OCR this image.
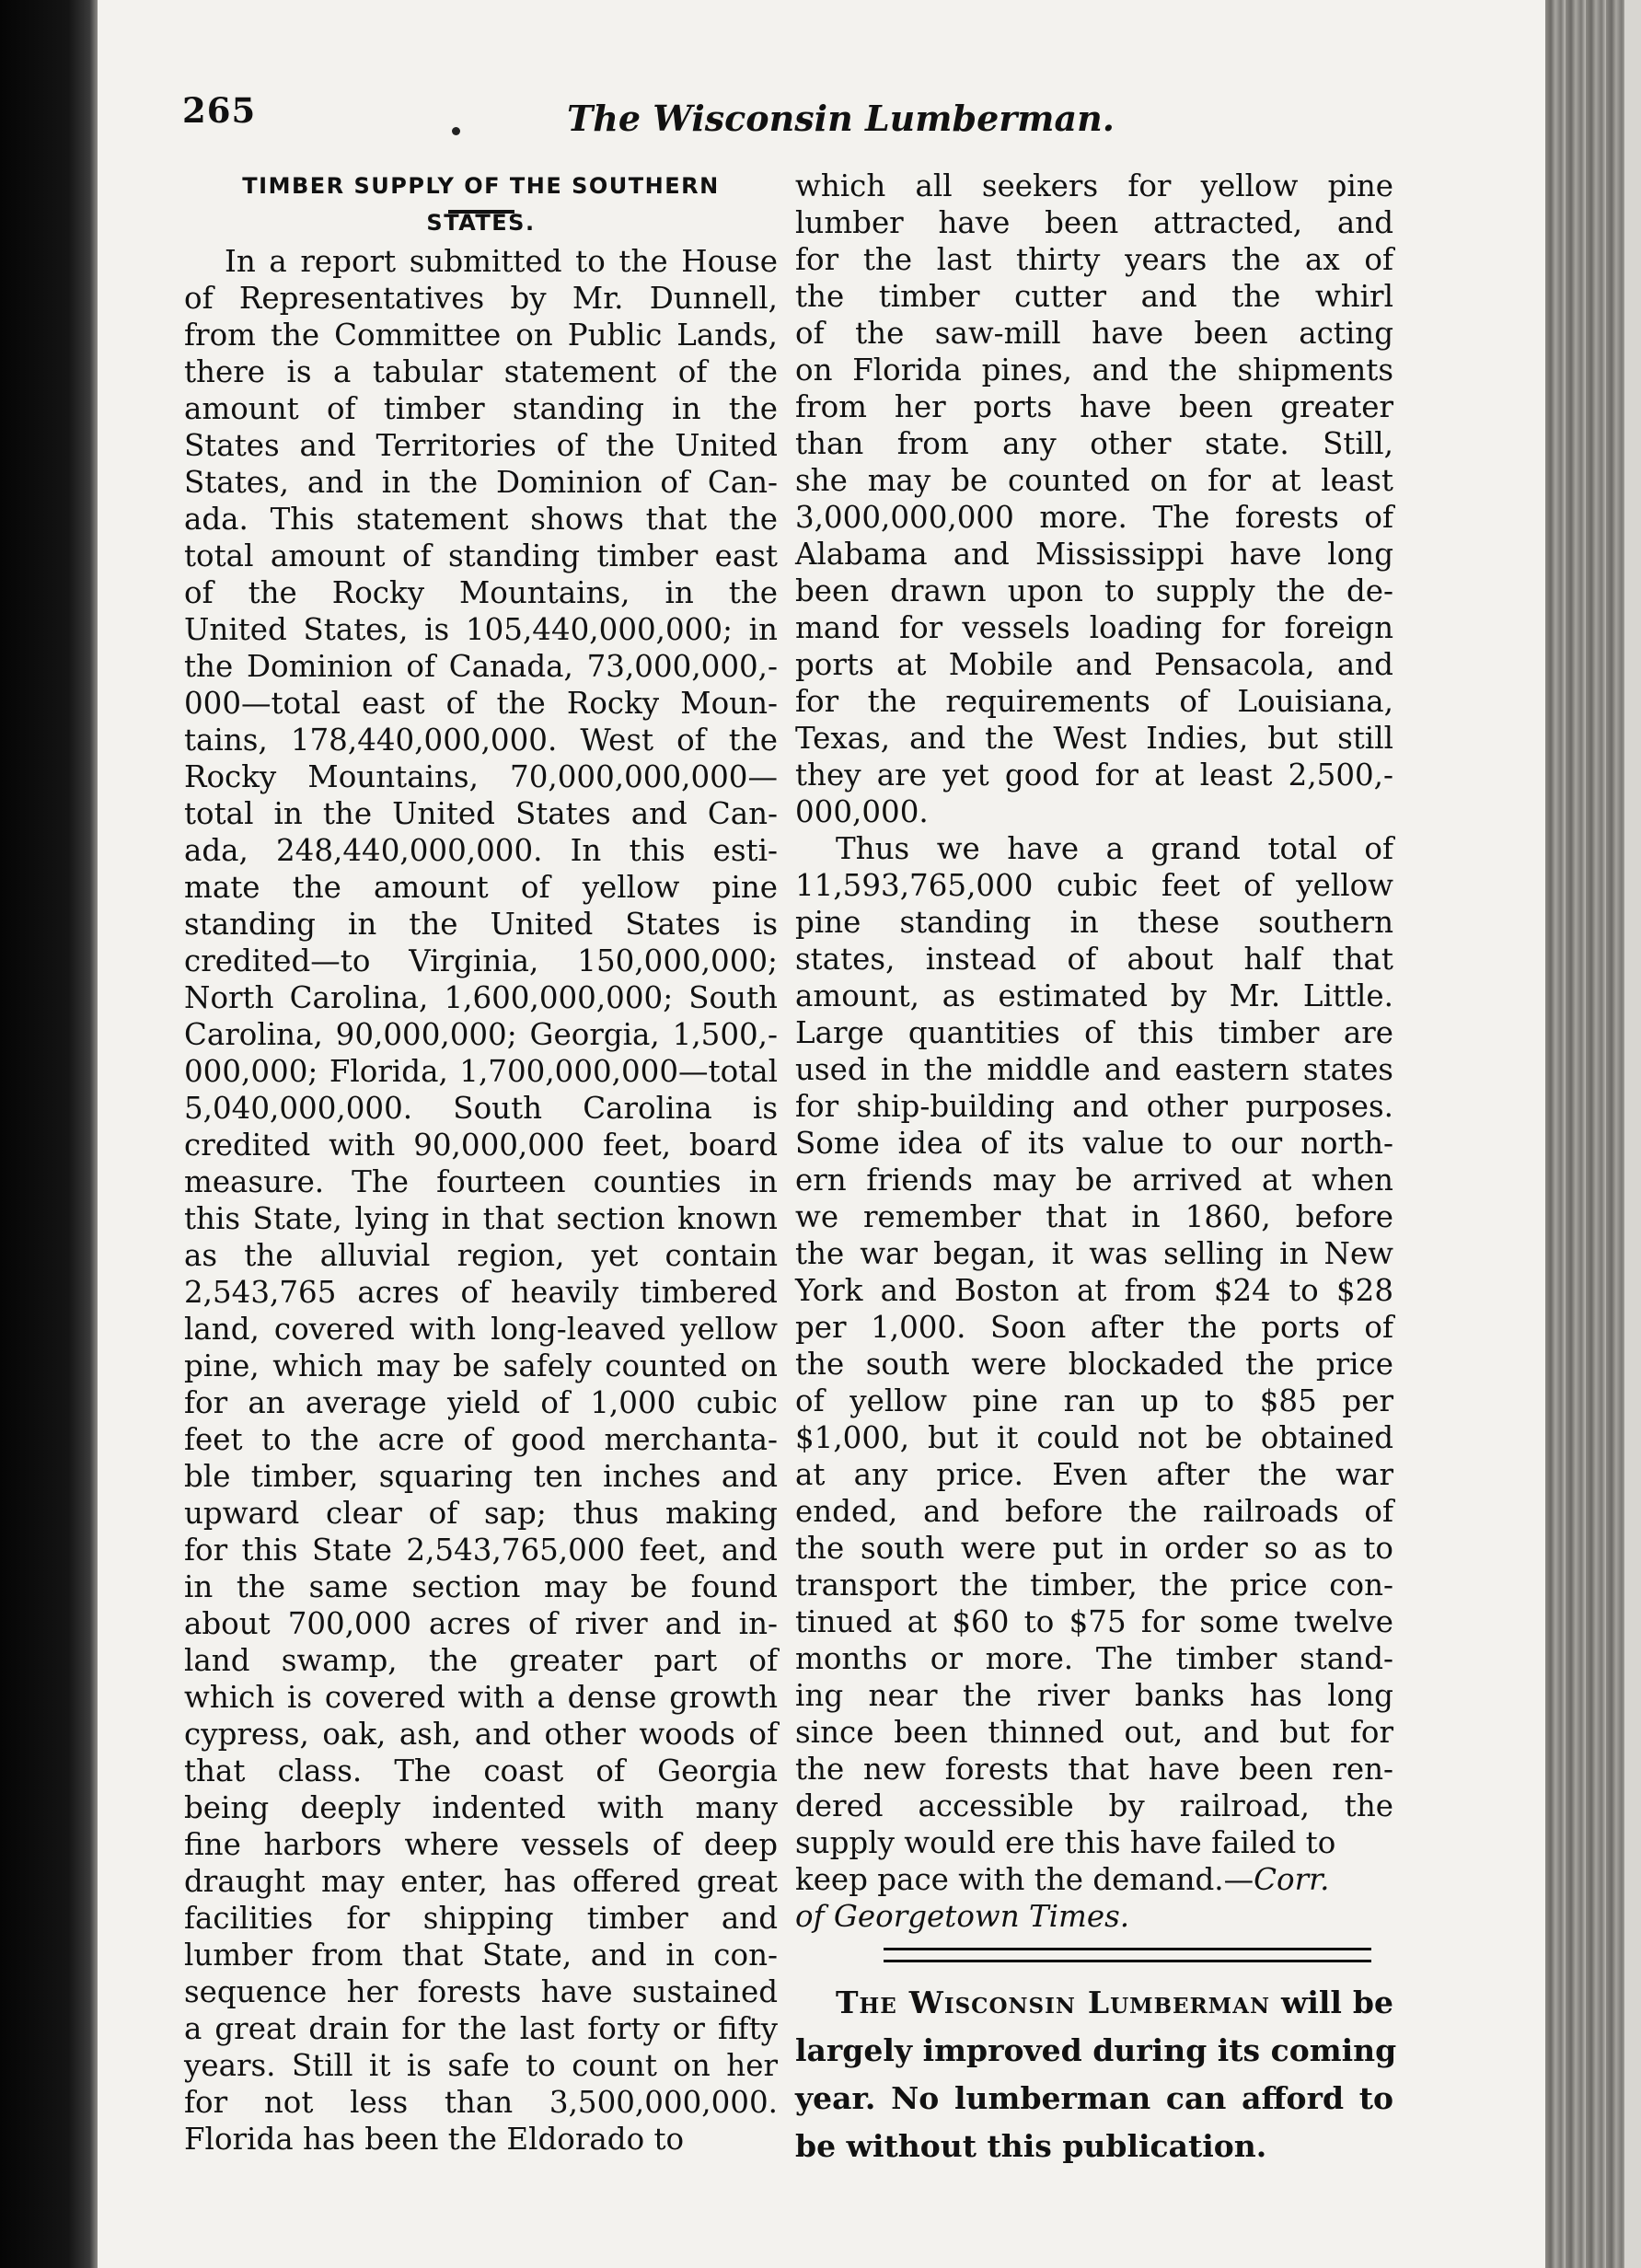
265	The Wisconsin Lumberman.
TIMBER SUPPLY OF THE SOUTHERN STATES.
In a report submitted to the House
of Representatives by Mr. Dunnell,
from the Committee on Public Lands,
there is a tabular statement of the
amount of timber standing in the
States and Territories of the United
States, and in the Dominion of Can-
ada. This statement shows that the
total amount of standing timber east
of the Rocky Mountains, in the
United States, is 105,440,000,000; in
the Dominion of Canada, 73,000,000,-
000—total east of the Rocky Moun-
tains, 178,440,000,000. West of the
Rocky Mountains, 70,000,000,000—
total in the United States and Can-
ada, 248,440,000,000. In this esti-
mate the amount of yellow pine
standing in the United States is
credited—to Virginia, 150,000,000;
North Carolina, 1,600,000,000; South
Carolina, 90,000,000; Georgia, 1,500,-
000,000; Florida, 1,700,000,000—total
5,040,000,000. South Carolina is
credited with 90,000,000 feet, board
measure. The fourteen counties in
this State, lying in that section known
as the alluvial region, yet contain
2,543,765 acres of heavily timbered
land, covered with long-leaved yellow
pine, which may be safely counted on
for an average yield of 1,000 cubic
feet to the acre of good merchanta-
ble timber, squaring ten inches and
upward clear of sap; thus making
for this State 2,543,765,000 feet, and
in the same section may be found
about 700,000 acres of river and in-
land swamp, the greater part of
which is covered with a dense growth
cypress, oak, ash, and other woods of
that class. The coast of Georgia
being deeply indented with many
fine harbors where vessels of deep
draught may enter, has offered great
facilities for shipping timber and
lumber from that State, and in con-
sequence her forests have sustained
a great drain for the last forty or fifty
years. Still it is safe to count on her
for not less than 3,500,000,000.
Florida has been the Eldorado to
which all seekers for yellow pine
lumber have been attracted, and
for the last thirty years the ax of
the timber cutter and the whirl
of the saw-mill have been acting
on Florida pines, and the shipments
from her ports have been greater
than from any other state. Still,
she may be counted on for at least
3,000,000,000 more. The forests of
Alabama and Mississippi have long
been drawn upon to supply the de-
mand for vessels loading for foreign
ports at Mobile and Pensacola, and
for the requirements of Louisiana,
Texas, and the West Indies, but still
they are yet good for at least 2,500,-
000,000.
Thus we have a grand total of
11,593,765,000 cubic feet of yellow
pine standing in these southern
states, instead of about half that
amount, as estimated by Mr. Little.
Large quantities of this timber are
used in the middle and eastern states
for ship-building and other purposes.
Some idea of its value to our north-
ern friends may be arrived at when
we remember that in 1860, before
the war began, it was selling in New
York and Boston at from $24 to $28
per 1,000. Soon after the ports of
the south were blockaded the price
of yellow pine ran up to $85 per
$1,000, but it could not be obtained
at any price. Even after the war
ended, and before the railroads of
the south were put in order so as to
transport the timber, the price con-
tinued at $60 to $75 for some twelve
months or more. The timber stand-
ing near the river banks has long
since been thinned out, and but for
the new forests that have been ren-
dered accessible by railroad, the
supply would ere this have failed to
keep pace with the demand.—Corr.
of Georgetown Times.
The Wisconsin Lumberman will be
largely improved during its coming
year. No lumberman can afford to
be without this publication.
